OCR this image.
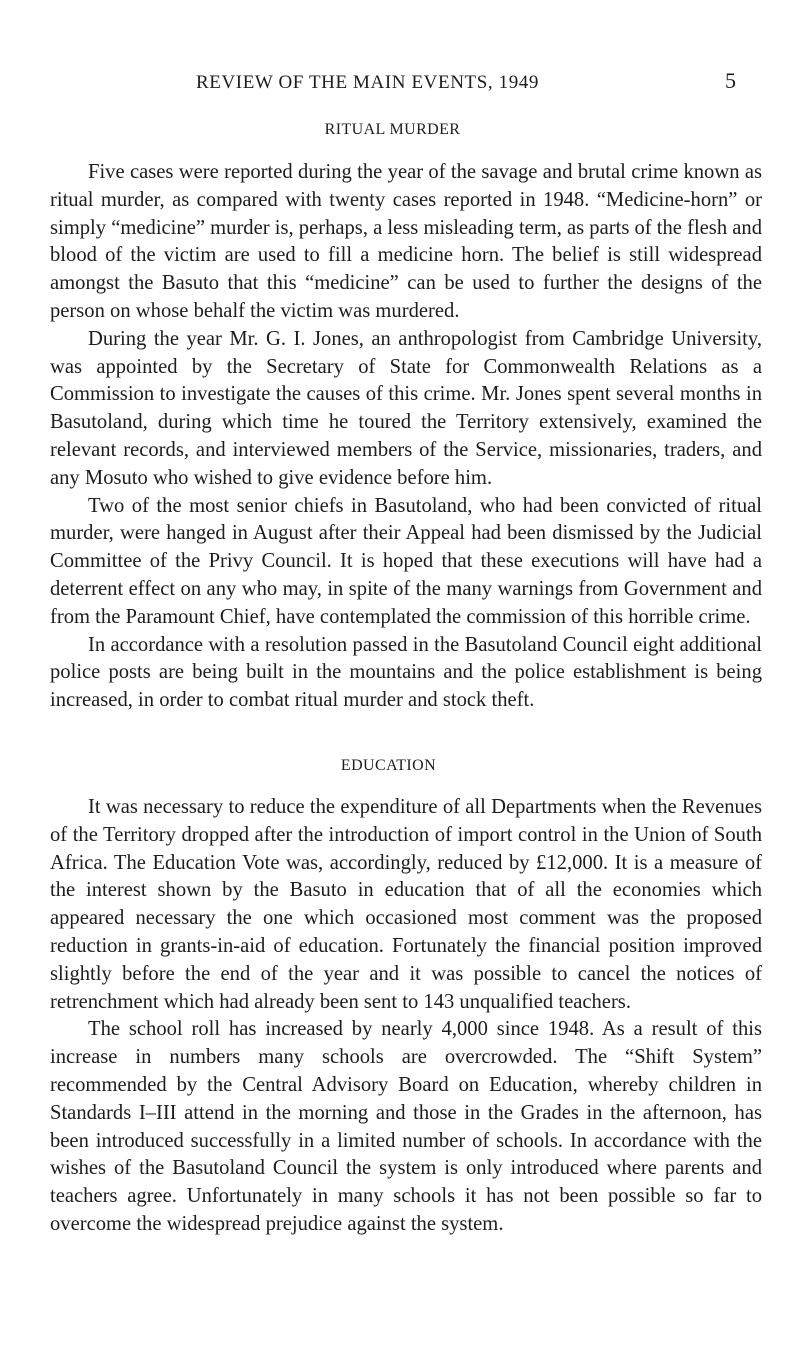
REVIEW OF THE MAIN EVENTS, 1949	5
RITUAL MURDER

Five cases were reported during the year of the savage and brutal crime known as ritual murder, as compared with twenty cases reported in 1948. “Medicine-horn” or simply “medicine” murder is, perhaps, a less misleading term, as parts of the flesh and blood of the victim are used to fill a medicine horn. The belief is still widespread amongst the Basuto that this “medicine” can be used to further the designs of the person on whose behalf the victim was murdered.

During the year Mr. G. I. Jones, an anthropologist from Cambridge University, was appointed by the Secretary of State for Commonwealth Relations as a Commission to investigate the causes of this crime. Mr. Jones spent several months in Basutoland, during which time he toured the Territory extensively, examined the relevant records, and interviewed members of the Service, missionaries, traders, and any Mosuto who wished to give evidence before him.

Two of the most senior chiefs in Basutoland, who had been convicted of ritual murder, were hanged in August after their Appeal had been dismissed by the Judicial Committee of the Privy Council. It is hoped that these executions will have had a deterrent effect on any who may, in spite of the many warnings from Government and from the Paramount Chief, have contemplated the commission of this horrible crime.

In accordance with a resolution passed in the Basutoland Council eight additional police posts are being built in the mountains and the police establishment is being increased, in order to combat ritual murder and stock theft.

EDUCATION

It was necessary to reduce the expenditure of all Departments when the Revenues of the Territory dropped after the introduction of import control in the Union of South Africa. The Education Vote was, accordingly, reduced by £12,000. It is a measure of the interest shown by the Basuto in education that of all the economies which appeared necessary the one which occasioned most comment was the proposed reduction in grants-in-aid of education. Fortunately the financial position improved slightly before the end of the year and it was possible to cancel the notices of retrenchment which had already been sent to 143 unqualified teachers.

The school roll has increased by nearly 4,000 since 1948. As a result of this increase in numbers many schools are overcrowded. The “Shift System” recommended by the Central Advisory Board on Education, whereby children in Standards I–III attend in the morning and those in the Grades in the afternoon, has been introduced successfully in a limited number of schools. In accordance with the wishes of the Basutoland Council the system is only introduced where parents and teachers agree. Unfortunately in many schools it has not been possible so far to overcome the widespread prejudice against the system.
